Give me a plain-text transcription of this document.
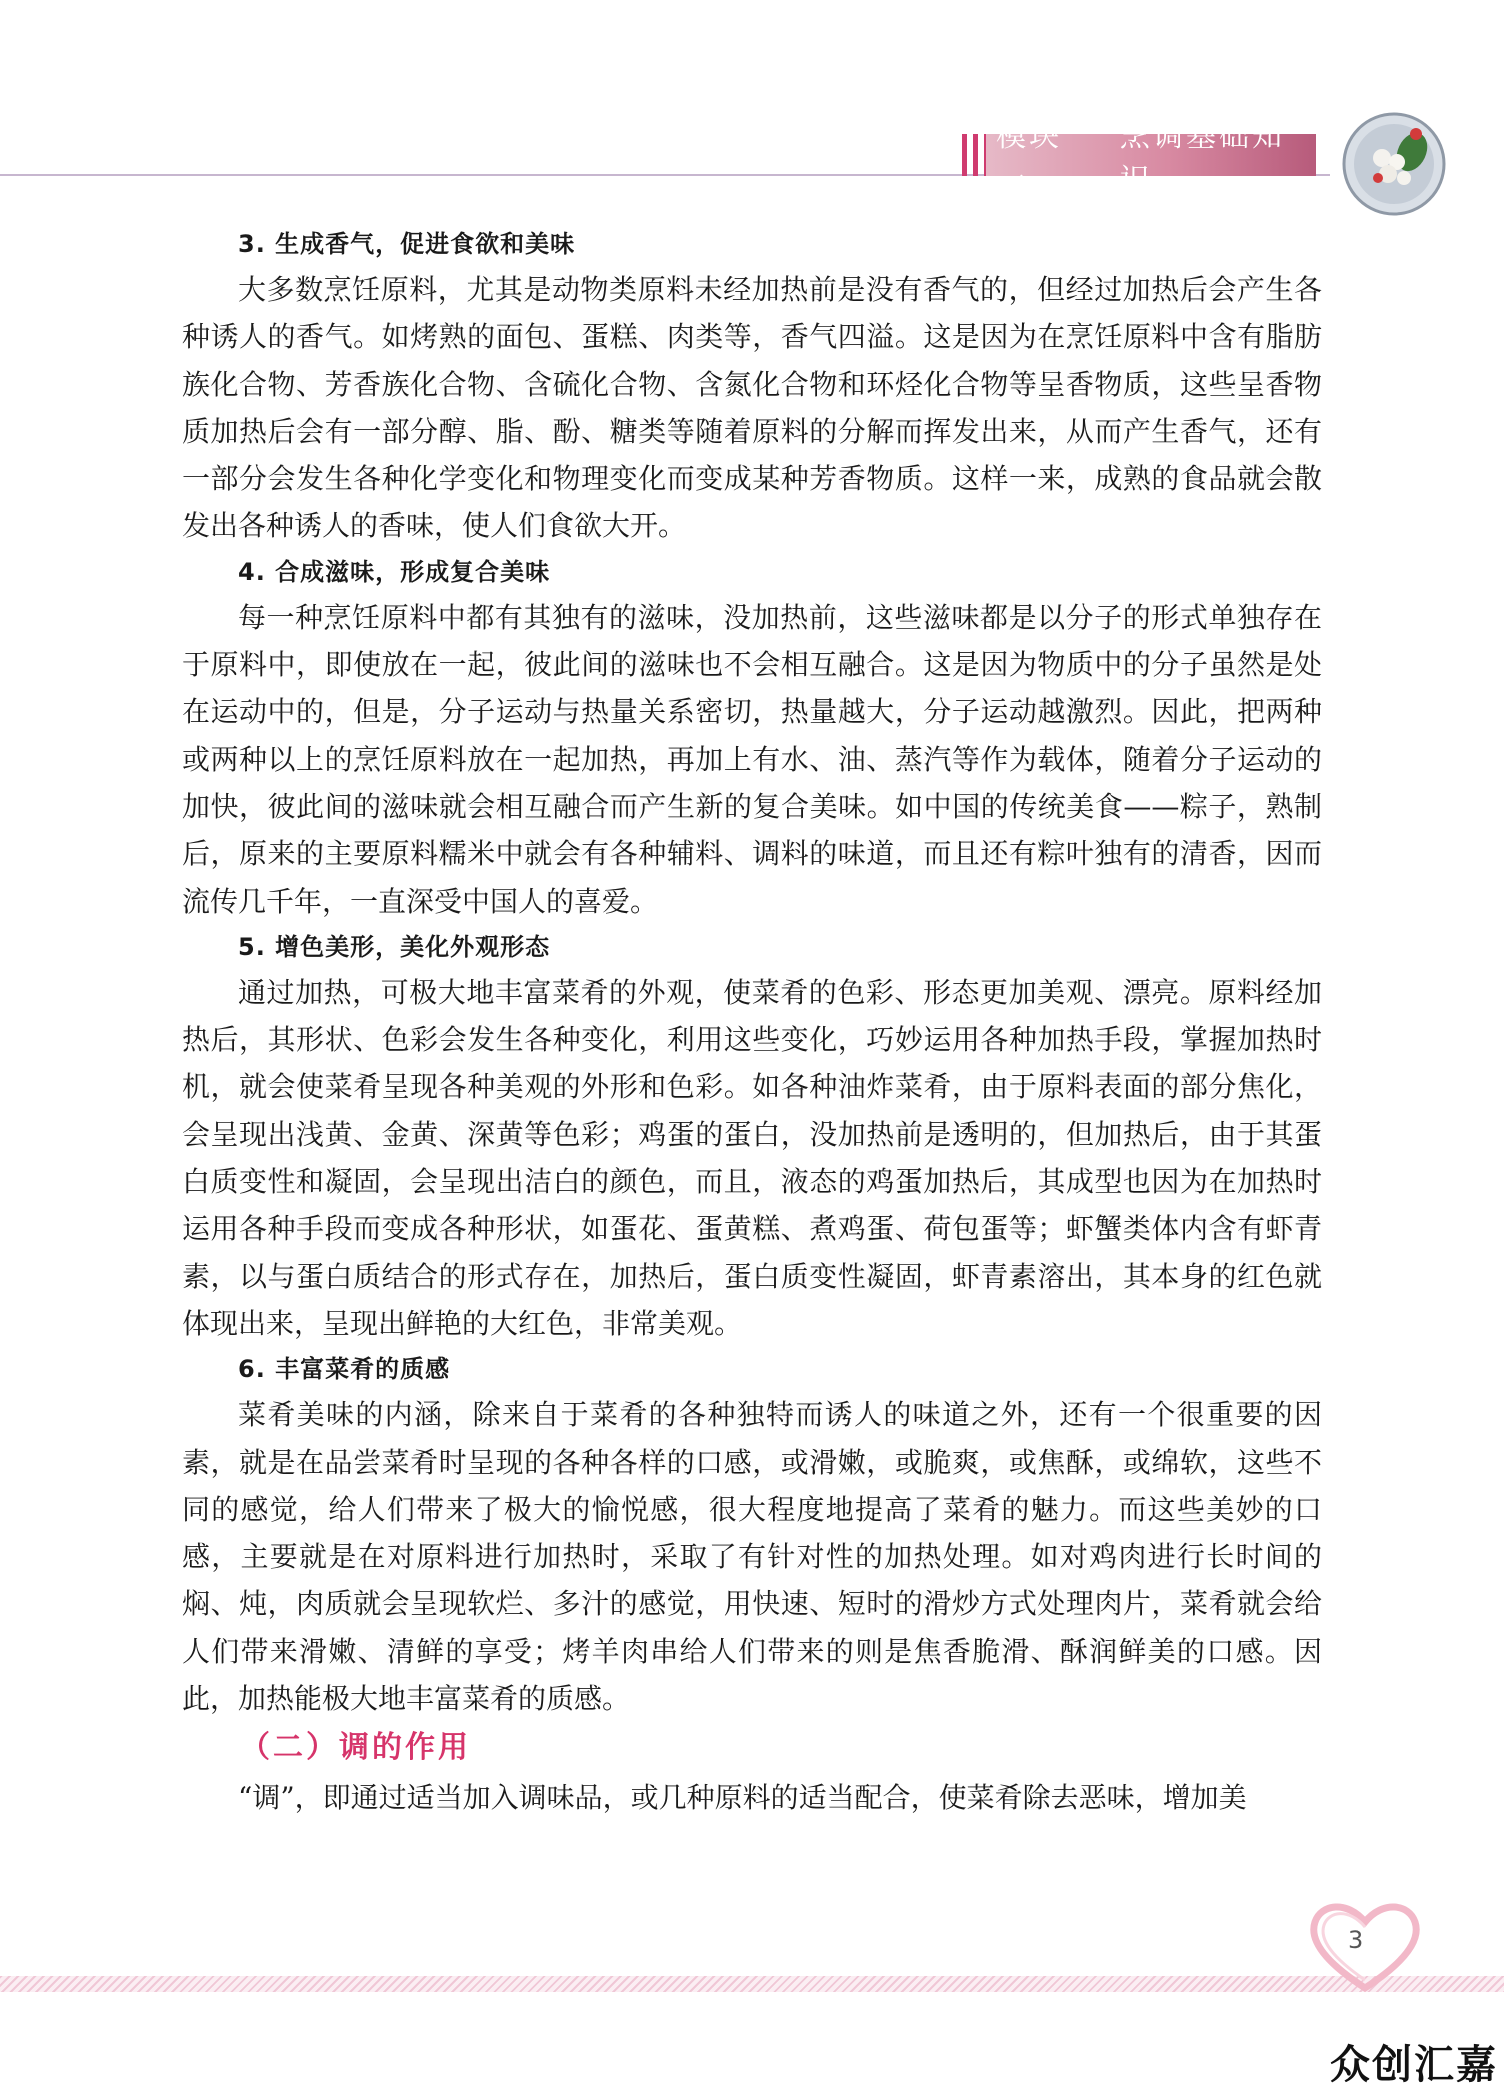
模块一
烹调基础知识
3. 生成香气，促进食欲和美味

大多数烹饪原料，尤其是动物类原料未经加热前是没有香气的，但经过加热后会产生各种诱人的香气。如烤熟的面包、蛋糕、肉类等，香气四溢。这是因为在烹饪原料中含有脂肪族化合物、芳香族化合物、含硫化合物、含氮化合物和环烃化合物等呈香物质，这些呈香物质加热后会有一部分醇、脂、酚、糖类等随着原料的分解而挥发出来，从而产生香气，还有一部分会发生各种化学变化和物理变化而变成某种芳香物质。这样一来，成熟的食品就会散发出各种诱人的香味，使人们食欲大开。

4. 合成滋味，形成复合美味

每一种烹饪原料中都有其独有的滋味，没加热前，这些滋味都是以分子的形式单独存在于原料中，即使放在一起，彼此间的滋味也不会相互融合。这是因为物质中的分子虽然是处在运动中的，但是，分子运动与热量关系密切，热量越大，分子运动越激烈。因此，把两种或两种以上的烹饪原料放在一起加热，再加上有水、油、蒸汽等作为载体，随着分子运动的加快，彼此间的滋味就会相互融合而产生新的复合美味。如中国的传统美食——粽子，熟制后，原来的主要原料糯米中就会有各种辅料、调料的味道，而且还有粽叶独有的清香，因而流传几千年，一直深受中国人的喜爱。

5. 增色美形，美化外观形态

通过加热，可极大地丰富菜肴的外观，使菜肴的色彩、形态更加美观、漂亮。原料经加热后，其形状、色彩会发生各种变化，利用这些变化，巧妙运用各种加热手段，掌握加热时机，就会使菜肴呈现各种美观的外形和色彩。如各种油炸菜肴，由于原料表面的部分焦化，会呈现出浅黄、金黄、深黄等色彩；鸡蛋的蛋白，没加热前是透明的，但加热后，由于其蛋白质变性和凝固，会呈现出洁白的颜色，而且，液态的鸡蛋加热后，其成型也因为在加热时运用各种手段而变成各种形状，如蛋花、蛋黄糕、煮鸡蛋、荷包蛋等；虾蟹类体内含有虾青素，以与蛋白质结合的形式存在，加热后，蛋白质变性凝固，虾青素溶出，其本身的红色就体现出来，呈现出鲜艳的大红色，非常美观。

6. 丰富菜肴的质感

菜肴美味的内涵，除来自于菜肴的各种独特而诱人的味道之外，还有一个很重要的因素，就是在品尝菜肴时呈现的各种各样的口感，或滑嫩，或脆爽，或焦酥，或绵软，这些不同的感觉，给人们带来了极大的愉悦感，很大程度地提高了菜肴的魅力。而这些美妙的口感，主要就是在对原料进行加热时，采取了有针对性的加热处理。如对鸡肉进行长时间的焖、炖，肉质就会呈现软烂、多汁的感觉，用快速、短时的滑炒方式处理肉片，菜肴就会给人们带来滑嫩、清鲜的享受；烤羊肉串给人们带来的则是焦香脆滑、酥润鲜美的口感。因此，加热能极大地丰富菜肴的质感。

（二）调的作用

“调”，即通过适当加入调味品，或几种原料的适当配合，使菜肴除去恶味，增加美

3
众创汇嘉
